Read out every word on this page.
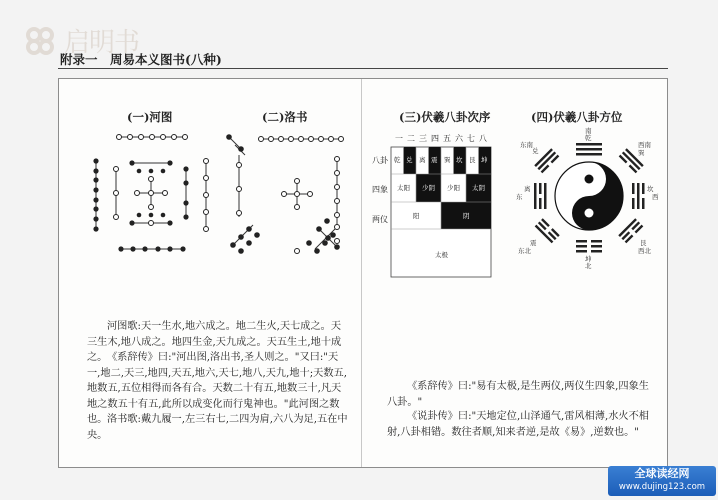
启明书
附录一　周易本义图书(八种)
(一)河图	(二)洛书

河图歌:天一生水,地六成之。地二生火,天七成之。天三生木,地八成之。地四生金,天九成之。天五生土,地十成之。 《系辞传》曰:"河出图,洛出书,圣人则之。"又曰:"天一,地二,天三,地四,天五,地六,天七,地八,天九,地十;天数五,地数五,五位相得而各有合。天数二十有五,地数三十,凡天地之数五十有五,此所以成变化而行鬼神也。"此河图之数也。 洛书歌:戴九履一,左三右七,二四为肩,六八为足,五在中央。

(三)伏羲八卦次序
一 二 三 四 五 六 七 八
八卦
四象
两仪
乾 兑 离 震 巽 坎 艮 坤
太阳 少阴 少阳 太阴
阳	阴
太极
(四)伏羲八卦方位
南
北
东	西
东南	西南
东北	西北
乾
坤
离	坎
兑	巽
震	艮

《系辞传》曰:"易有太极,是生两仪,两仪生四象,四象生八卦。"

《说卦传》曰:"天地定位,山泽通气,雷风相薄,水火不相射,八卦相错。数往者顺,知来者逆,是故《易》,逆数也。"

全球读经网
www.dujing123.com
